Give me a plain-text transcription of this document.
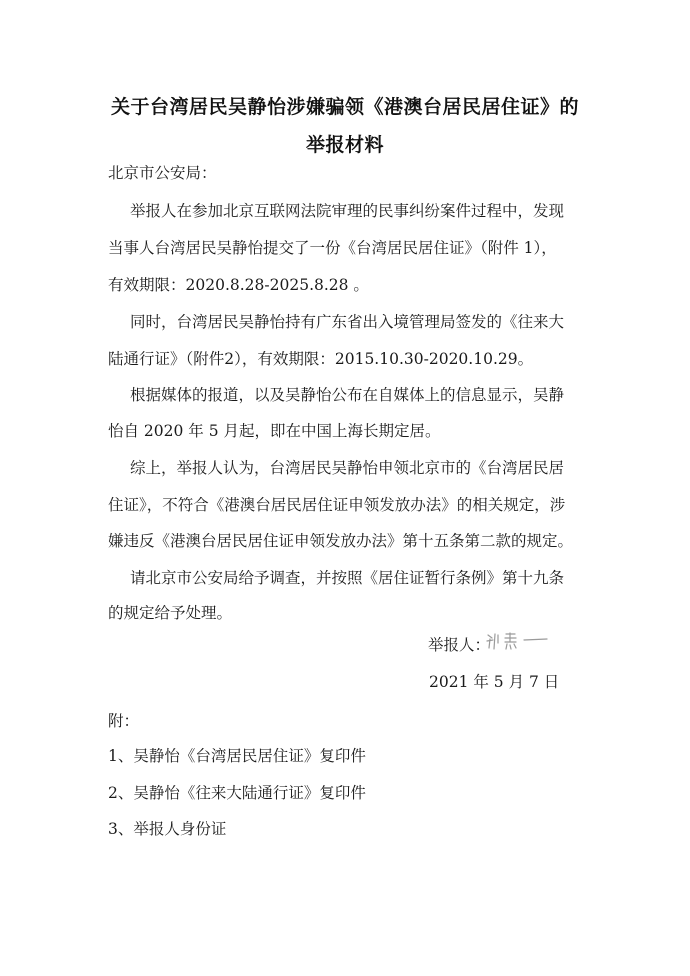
关于台湾居民吴静怡涉嫌骗领《港澳台居民居住证》的
举报材料
北京市公安局：
举报人在参加北京互联网法院审理的民事纠纷案件过程中，发现
当事人台湾居民吴静怡提交了一份《台湾居民居住证》（附件 1），
有效期限：2020.8.28-2025.8.28 。
同时，台湾居民吴静怡持有广东省出入境管理局签发的《往来大
陆通行证》（附件2），有效期限：2015.10.30-2020.10.29。
根据媒体的报道，以及吴静怡公布在自媒体上的信息显示，吴静
怡自 2020 年 5 月起，即在中国上海长期定居。
综上，举报人认为，台湾居民吴静怡申领北京市的《台湾居民居
住证》，不符合《港澳台居民居住证申领发放办法》的相关规定，涉
嫌违反《港澳台居民居住证申领发放办法》第十五条第二款的规定。
请北京市公安局给予调查，并按照《居住证暂行条例》第十九条
的规定给予处理。
举报人：
2021 年 5 月 7 日
附：
1、吴静怡《台湾居民居住证》复印件
2、吴静怡《往来大陆通行证》复印件
3、举报人身份证
